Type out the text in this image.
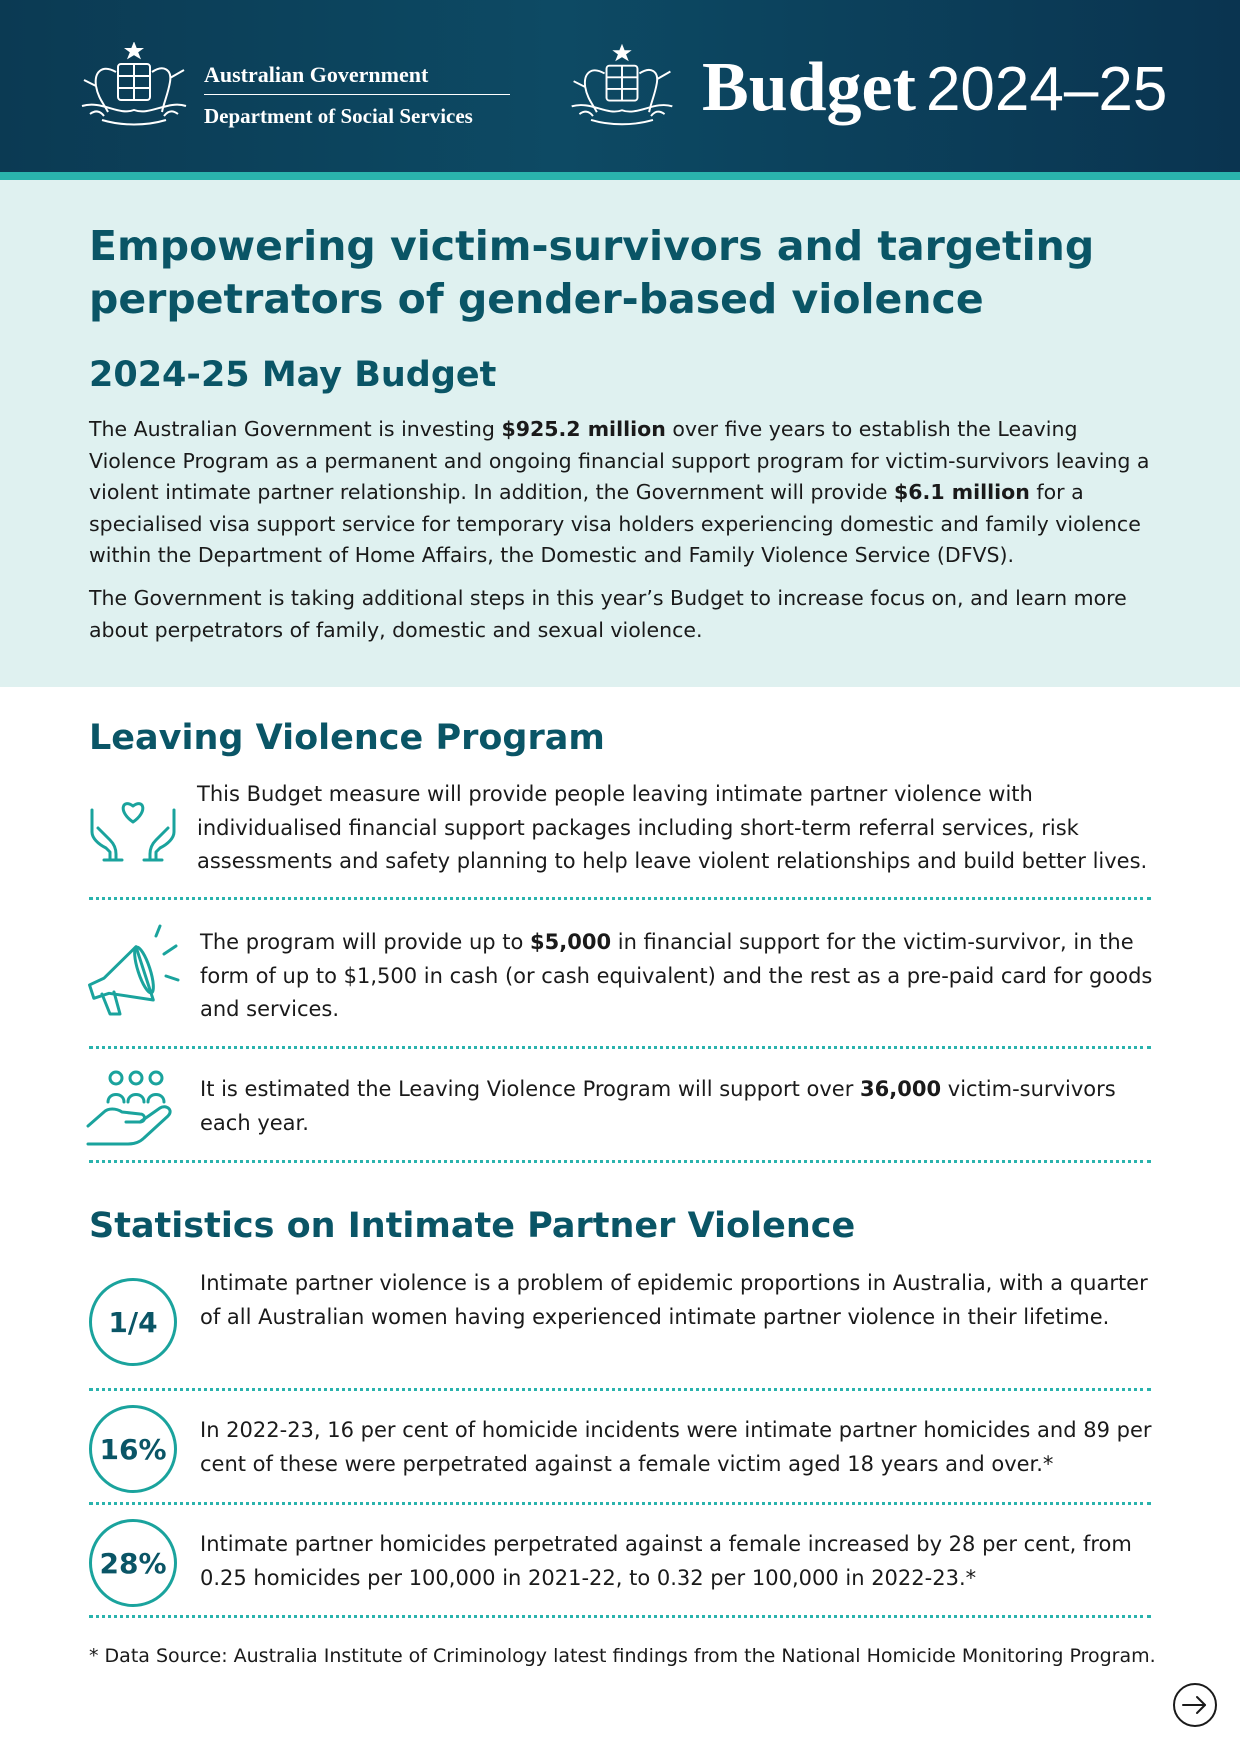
Australian Government
Department of Social Services	Budget 2024–25
Empowering victim-survivors and targeting perpetrators of gender-based violence
2024-25 May Budget

The Australian Government is investing $925.2 million over five years to establish the Leaving Violence Program as a permanent and ongoing financial support program for victim-survivors leaving a violent intimate partner relationship. In addition, the Government will provide $6.1 million for a specialised visa support service for temporary visa holders experiencing domestic and family violence within the Department of Home Affairs, the Domestic and Family Violence Service (DFVS).

The Government is taking additional steps in this year’s Budget to increase focus on, and learn more about perpetrators of family, domestic and sexual violence.

Leaving Violence Program

This Budget measure will provide people leaving intimate partner violence with individualised financial support packages including short-term referral services, risk assessments and safety planning to help leave violent relationships and build better lives.

The program will provide up to $5,000 in financial support for the victim-survivor, in the form of up to $1,500 in cash (or cash equivalent) and the rest as a pre-paid card for goods and services.

It is estimated the Leaving Violence Program will support over 36,000 victim-survivors each year.

Statistics on Intimate Partner Violence
1/4

Intimate partner violence is a problem of epidemic proportions in Australia, with a quarter of all Australian women having experienced intimate partner violence in their lifetime.

16%

In 2022-23, 16 per cent of homicide incidents were intimate partner homicides and 89 per cent of these were perpetrated against a female victim aged 18 years and over.*

28%

Intimate partner homicides perpetrated against a female increased by 28 per cent, from 0.25 homicides per 100,000 in 2021-22, to 0.32 per 100,000 in 2022-23.*

* Data Source: Australia Institute of Criminology latest findings from the National Homicide Monitoring Program.
